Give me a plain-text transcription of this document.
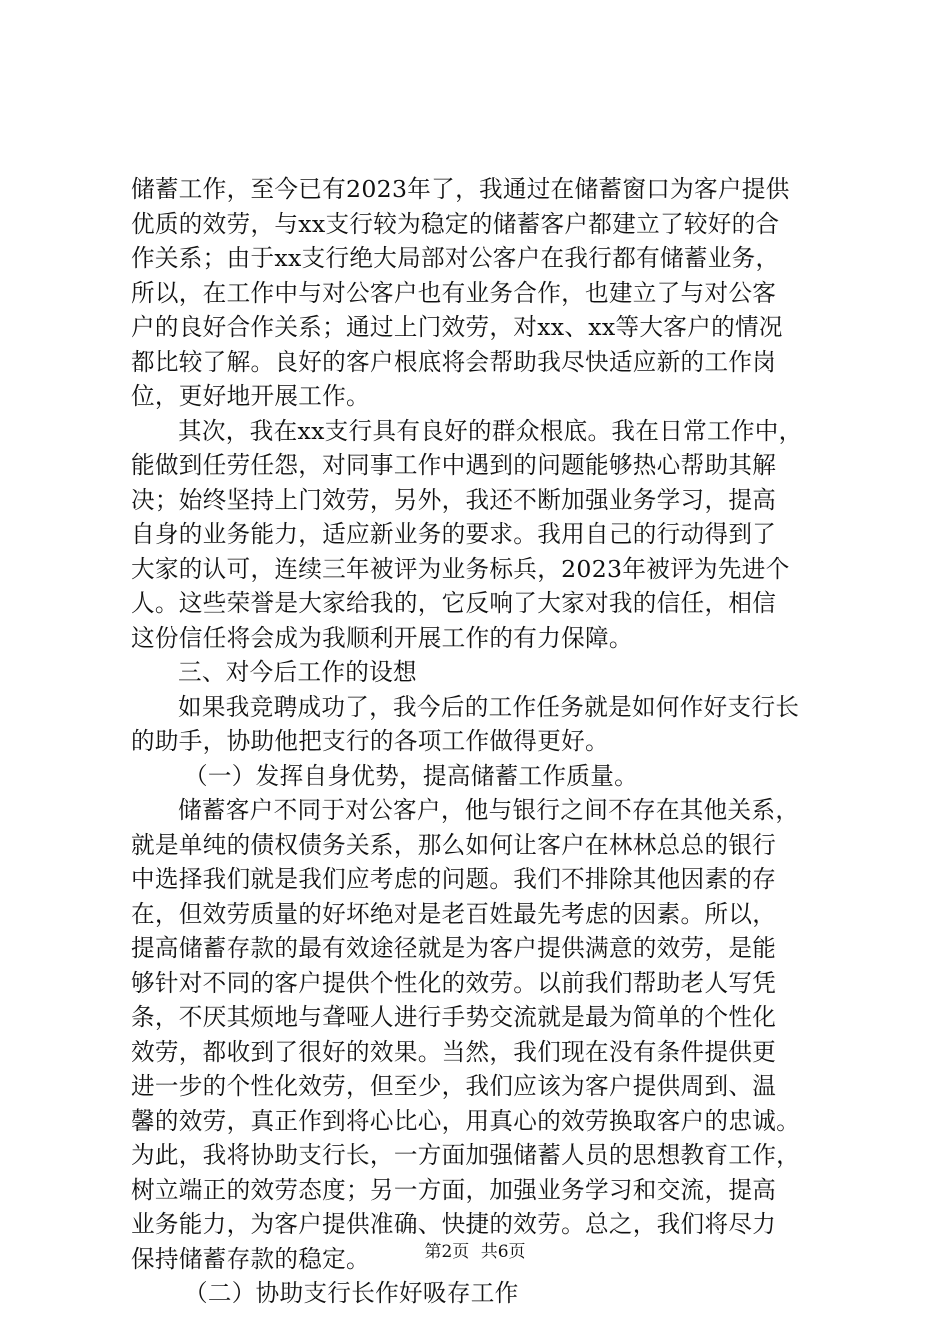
储蓄工作，至今已有2023年了，我通过在储蓄窗口为客户提供
优质的效劳，与xx支行较为稳定的储蓄客户都建立了较好的合
作关系；由于xx支行绝大局部对公客户在我行都有储蓄业务，
所以，在工作中与对公客户也有业务合作，也建立了与对公客
户的良好合作关系；通过上门效劳，对xx、xx等大客户的情况
都比较了解。良好的客户根底将会帮助我尽快适应新的工作岗
位，更好地开展工作。
其次，我在xx支行具有良好的群众根底。我在日常工作中，
能做到任劳任怨，对同事工作中遇到的问题能够热心帮助其解
决；始终坚持上门效劳，另外，我还不断加强业务学习，提高
自身的业务能力，适应新业务的要求。我用自己的行动得到了
大家的认可，连续三年被评为业务标兵，2023年被评为先进个
人。这些荣誉是大家给我的，它反响了大家对我的信任，相信
这份信任将会成为我顺利开展工作的有力保障。
三、对今后工作的设想
如果我竞聘成功了，我今后的工作任务就是如何作好支行长
的助手，协助他把支行的各项工作做得更好。
（一）发挥自身优势，提高储蓄工作质量。
储蓄客户不同于对公客户，他与银行之间不存在其他关系，
就是单纯的债权债务关系，那么如何让客户在林林总总的银行
中选择我们就是我们应考虑的问题。我们不排除其他因素的存
在，但效劳质量的好坏绝对是老百姓最先考虑的因素。所以，
提高储蓄存款的最有效途径就是为客户提供满意的效劳，是能
够针对不同的客户提供个性化的效劳。以前我们帮助老人写凭
条，不厌其烦地与聋哑人进行手势交流就是最为简单的个性化
效劳，都收到了很好的效果。当然，我们现在没有条件提供更
进一步的个性化效劳，但至少，我们应该为客户提供周到、温
馨的效劳，真正作到将心比心，用真心的效劳换取客户的忠诚。
为此，我将协助支行长，一方面加强储蓄人员的思想教育工作，
树立端正的效劳态度；另一方面，加强业务学习和交流，提高
业务能力，为客户提供准确、快捷的效劳。总之，我们将尽力
保持储蓄存款的稳定。
（二）协助支行长作好吸存工作
第2页 共6页
